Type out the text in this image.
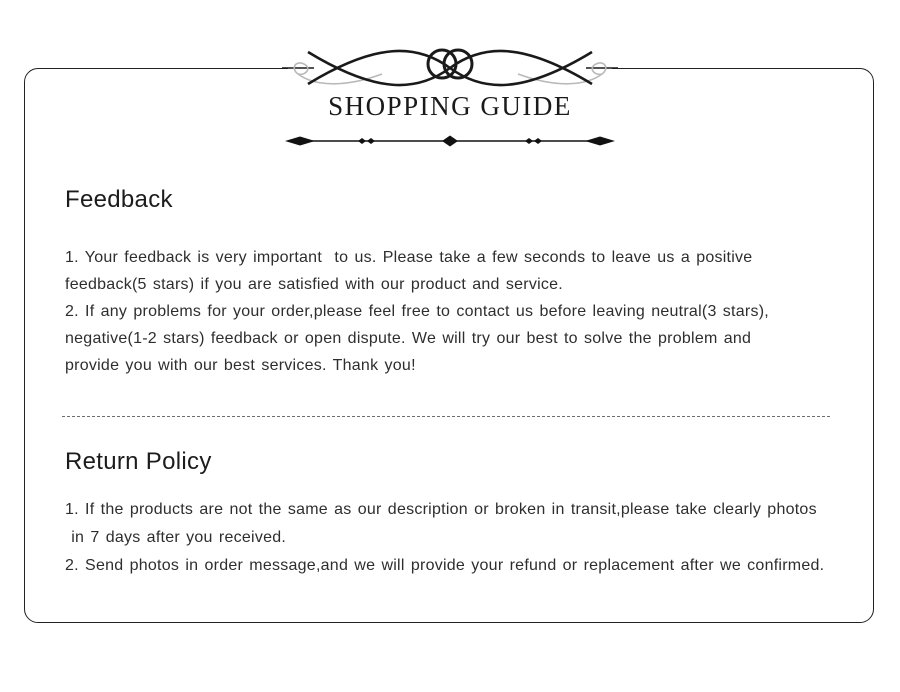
SHOPPING GUIDE
Feedback
1. Your feedback is very important  to us. Please take a few seconds to leave us a positive
feedback(5 stars) if you are satisfied with our product and service.
2. If any problems for your order,please feel free to contact us before leaving neutral(3 stars),
negative(1-2 stars) feedback or open dispute. We will try our best to solve the problem and
provide you with our best services. Thank you!
Return Policy
1. If the products are not the same as our description or broken in transit,please take clearly photos
in 7 days after you received.
2. Send photos in order message,and we will provide your refund or replacement after we confirmed.
